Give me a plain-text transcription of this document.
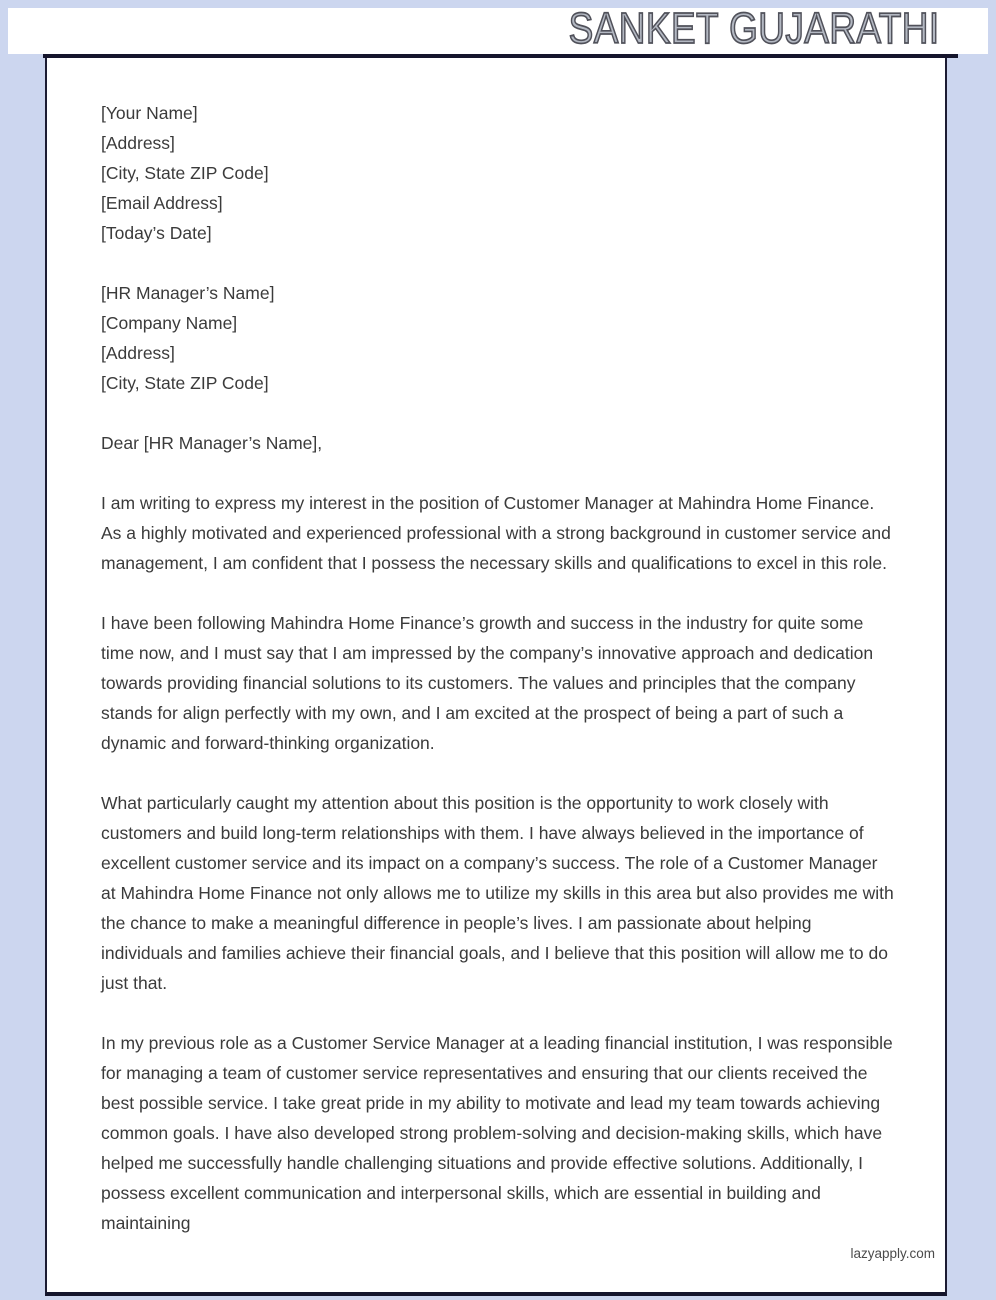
SANKET GUJARATHI
[Your Name]
[Address]
[City, State ZIP Code]
[Email Address]
[Today’s Date]
[HR Manager’s Name]
[Company Name]
[Address]
[City, State ZIP Code]
Dear [HR Manager’s Name],

I am writing to express my interest in the position of Customer Manager at Mahindra Home Finance. As a highly motivated and experienced professional with a strong background in customer service and management, I am confident that I possess the necessary skills and qualifications to excel in this role.

I have been following Mahindra Home Finance’s growth and success in the industry for quite some time now, and I must say that I am impressed by the company’s innovative approach and dedication towards providing financial solutions to its customers. The values and principles that the company stands for align perfectly with my own, and I am excited at the prospect of being a part of such a dynamic and forward-thinking organization.

What particularly caught my attention about this position is the opportunity to work closely with customers and build long-term relationships with them. I have always believed in the importance of excellent customer service and its impact on a company’s success. The role of a Customer Manager at Mahindra Home Finance not only allows me to utilize my skills in this area but also provides me with the chance to make a meaningful difference in people’s lives. I am passionate about helping individuals and families achieve their financial goals, and I believe that this position will allow me to do just that.

In my previous role as a Customer Service Manager at a leading financial institution, I was responsible for managing a team of customer service representatives and ensuring that our clients received the best possible service. I take great pride in my ability to motivate and lead my team towards achieving common goals. I have also developed strong problem-solving and decision-making skills, which have helped me successfully handle challenging situations and provide effective solutions. Additionally, I possess excellent communication and interpersonal skills, which are essential in building and maintaining

lazyapply.com
